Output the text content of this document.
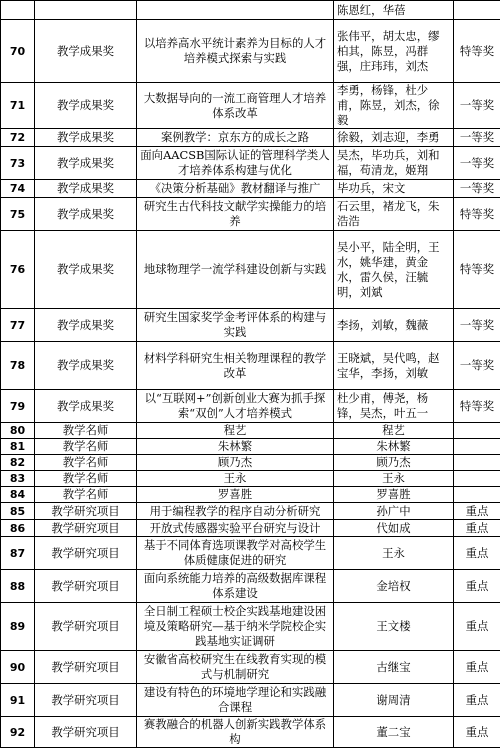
			陈恩红，华蓓	
70	教学成果奖	以培养高水平统计素养为目标的人才培养模式探索与实践	张伟平，胡太忠，缪柏其，陈昱，冯群强，庄玮玮，刘杰	特等奖
71	教学成果奖	大数据导向的一流工商管理人才培养体系改革	李勇，杨锋，杜少甫，陈昱，刘杰，徐毅	一等奖
72	教学成果奖	案例教学：京东方的成长之路	徐毅，刘志迎，李勇	一等奖
73	教学成果奖	面向AACSB国际认证的管理科学类人才培养体系构建与优化	吴杰，毕功兵，刘和福，苟清龙，姬翔	一等奖
74	教学成果奖	《决策分析基础》教材翻译与推广	毕功兵，宋文	一等奖
75	教学成果奖	研究生古代科技文献学实操能力的培养	石云里，褚龙飞，朱浩浩	特等奖
76	教学成果奖	地球物理学一流学科建设创新与实践	吴小平，陆全明，王水，姚华建，黄金水，雷久侯，汪毓明，刘斌	特等奖
77	教学成果奖	研究生国家奖学金考评体系的构建与实践	李扬，刘敏，魏薇	一等奖
78	教学成果奖	材料学科研究生相关物理课程的教学改革	王晓斌，吴代鸣，赵宝华，李扬，刘敏	一等奖
79	教学成果奖	以“互联网+”创新创业大赛为抓手探索“双创”人才培养模式	杜少甫，傅尧，杨锋，吴杰，叶五一	特等奖
80	教学名师	程艺	程艺	
81	教学名师	朱林繁	朱林繁	
82	教学名师	顾乃杰	顾乃杰	
83	教学名师	王永	王永	
84	教学名师	罗喜胜	罗喜胜	
85	教学研究项目	用于编程教学的程序自动分析研究	孙广中	重点
86	教学研究项目	开放式传感器实验平台研究与设计	代如成	重点
87	教学研究项目	基于不同体育选项课教学对高校学生体质健康促进的研究	王永	重点
88	教学研究项目	面向系统能力培养的高级数据库课程体系建设	金培权	重点
89	教学研究项目	全日制工程硕士校企实践基地建设困境及策略研究—基于纳米学院校企实践基地实证调研	王文楼	重点
90	教学研究项目	安徽省高校研究生在线教育实现的模式与机制研究	古继宝	重点
91	教学研究项目	建设有特色的环境地学理论和实践融合课程	谢周清	重点
92	教学研究项目	赛教融合的机器人创新实践教学体系构	董二宝	重点
